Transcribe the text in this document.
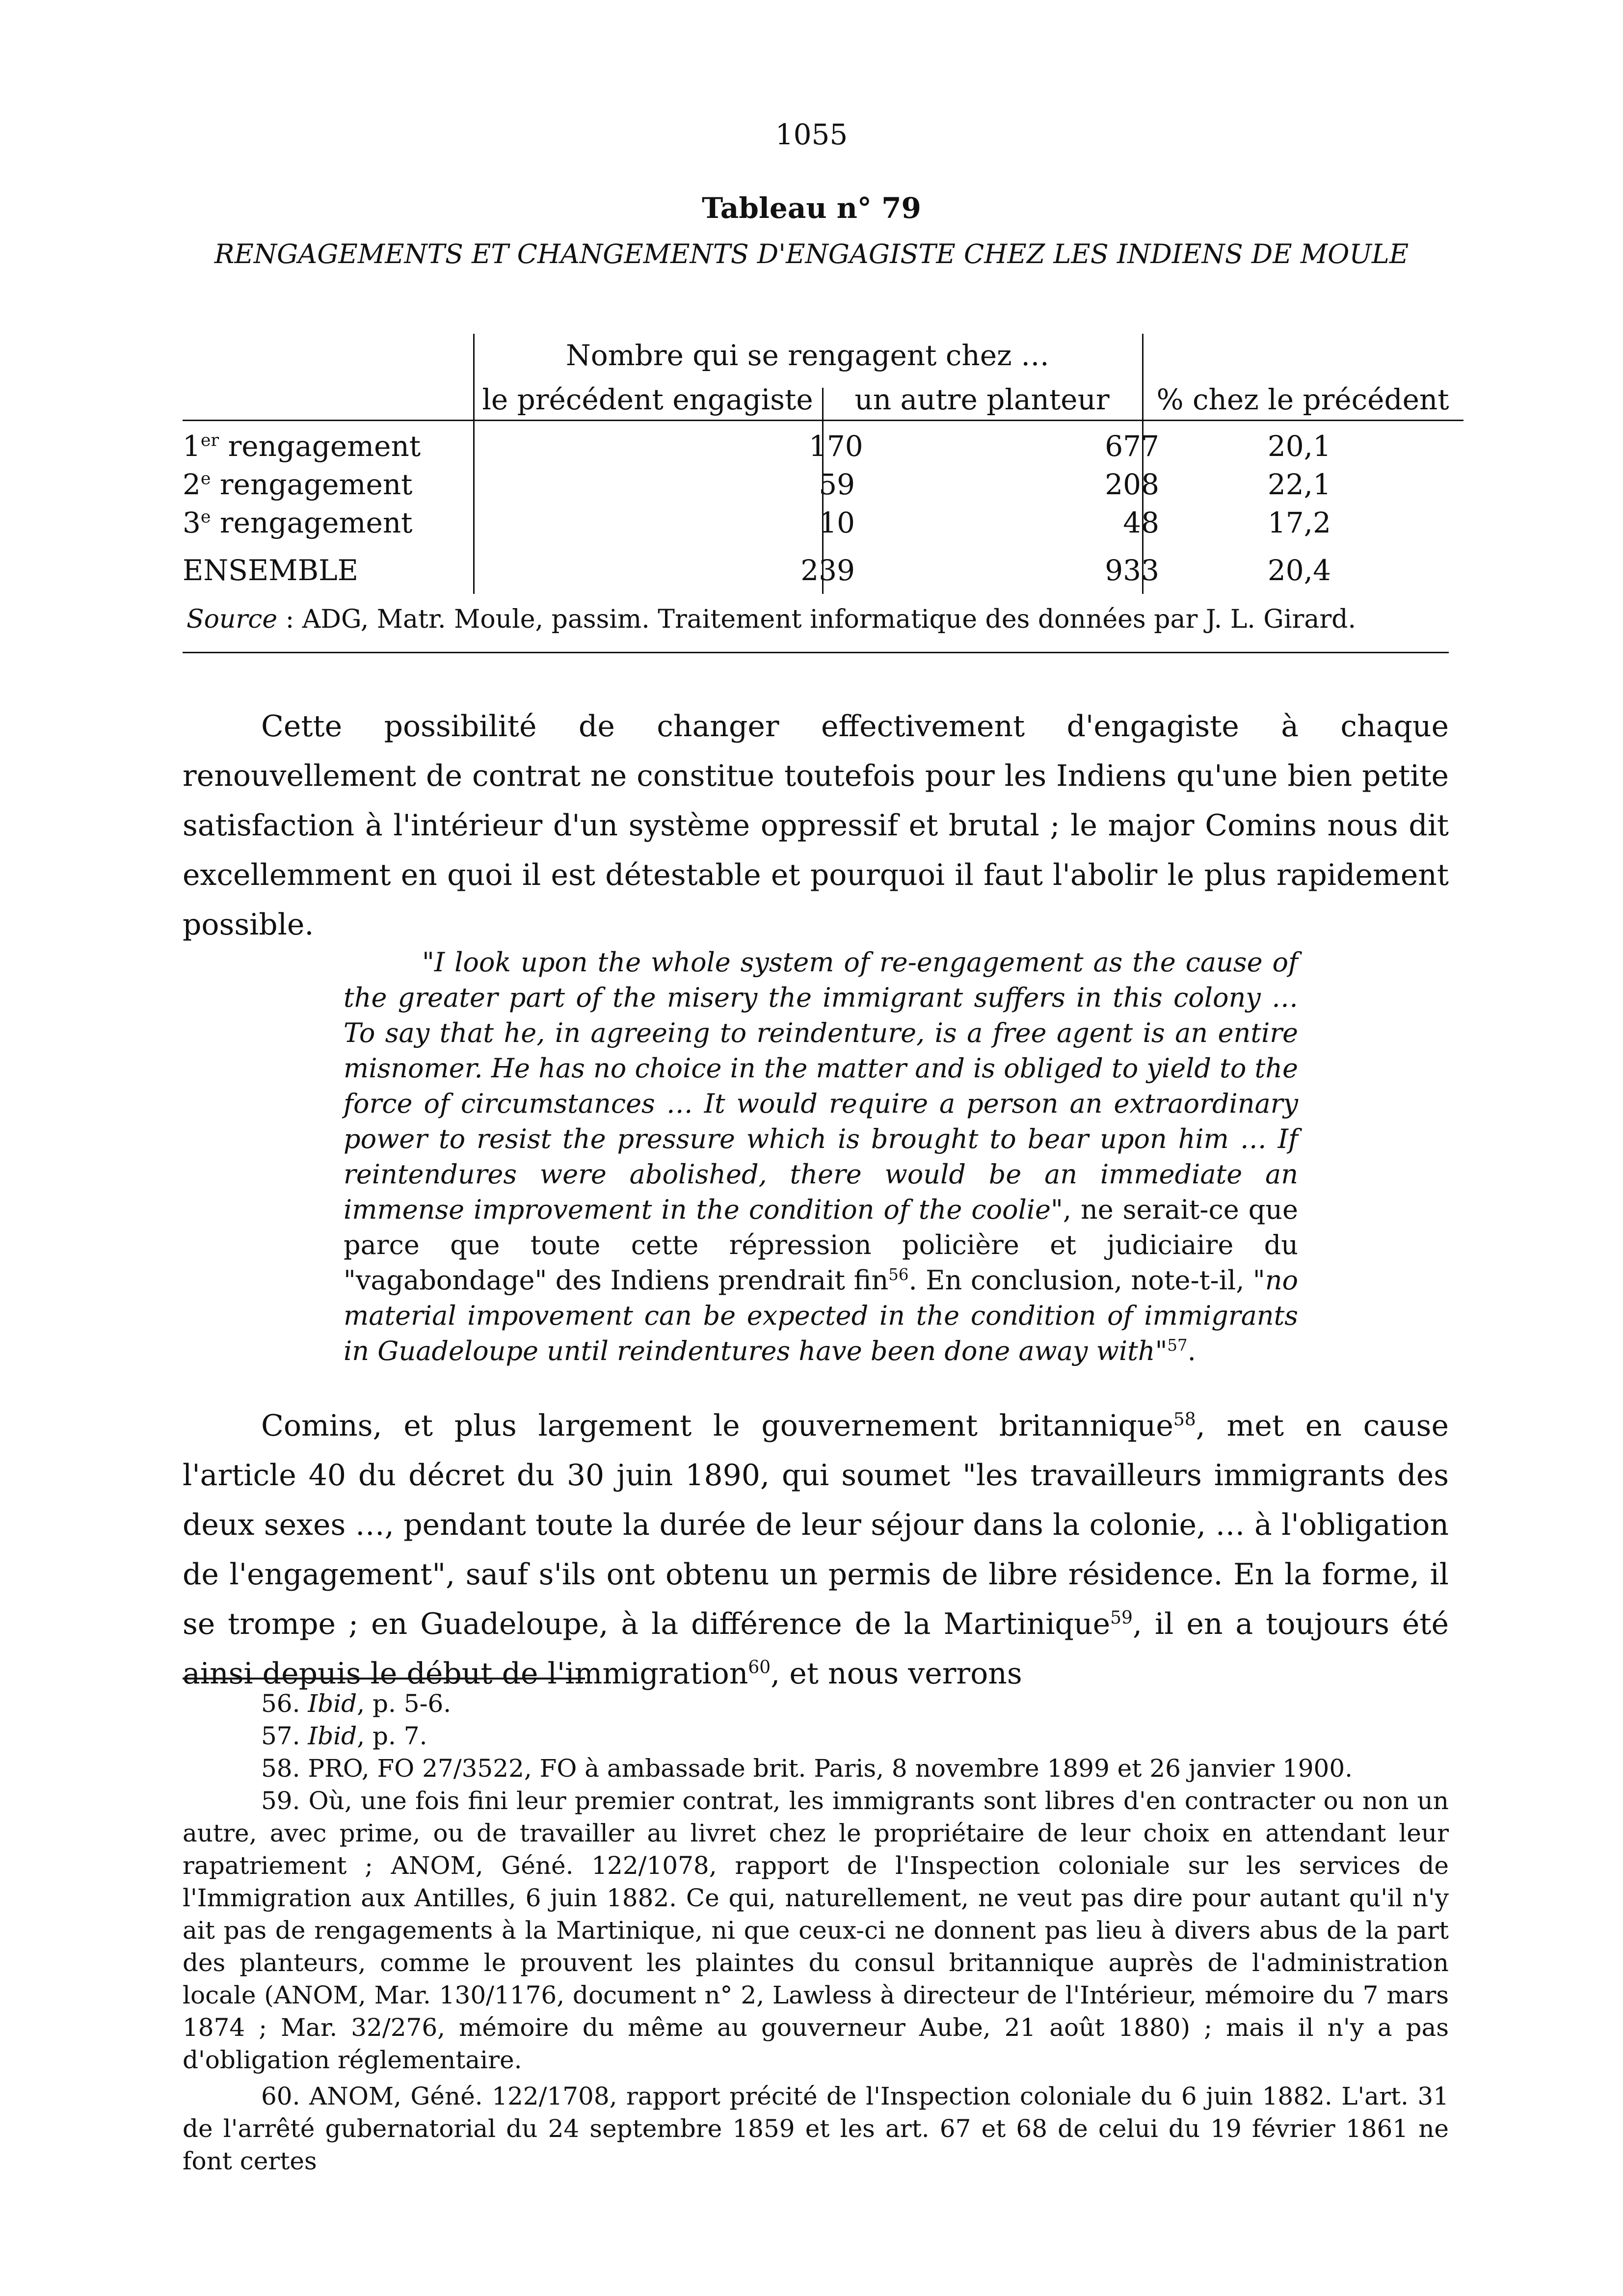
1055
Tableau n° 79
RENGAGEMENTS ET CHANGEMENTS D'ENGAGISTE CHEZ LES INDIENS DE MOULE
Nombre qui se rengagent chez …
le précédent engagiste	un autre planteur	% chez le précédent
1er rengagement	170	677	20,1
2e rengagement	59	208	22,1
3e rengagement	10	48	17,2
ENSEMBLE	239	933	20,4
Source : ADG, Matr. Moule, passim. Traitement informatique des données par J. L. Girard.
Cette possibilité de changer effectivement d'engagiste à chaque renouvellement de contrat ne constitue toutefois pour les Indiens qu'une bien petite satisfaction à l'intérieur d'un système oppressif et brutal ; le major Comins nous dit excellemment en quoi il est détestable et pourquoi il faut l'abolir le plus rapidement possible.
"I look upon the whole system of re-engagement as the cause of the greater part of the misery the immigrant suffers in this colony … To say that he, in agreeing to reindenture, is a free agent is an entire misnomer. He has no choice in the matter and is obliged to yield to the force of circumstances … It would require a person an extraordinary power to resist the pressure which is brought to bear upon him … If reintendures were abolished, there would be an immediate an immense improvement in the condition of the coolie", ne serait-ce que parce que toute cette répression policière et judiciaire du "vagabondage" des Indiens prendrait fin$^{56}$. En conclusion, note-t-il, "no material impovement can be expected in the condition of immigrants in Guadeloupe until reindentures have been done away with"$^{57}$.
Comins, et plus largement le gouvernement britannique$^{58}$, met en cause l'article 40 du décret du 30 juin 1890, qui soumet "les travailleurs immigrants des deux sexes …, pendant toute la durée de leur séjour dans la colonie, … à l'obligation de l'engagement", sauf s'ils ont obtenu un permis de libre résidence. En la forme, il se trompe ; en Guadeloupe, à la différence de la Martinique$^{59}$, il en a toujours été ainsi depuis le début de l'immigration$^{60}$, et nous verrons

56. Ibid, p. 5-6.

57. Ibid, p. 7.

58. PRO, FO 27/3522, FO à ambassade brit. Paris, 8 novembre 1899 et 26 janvier 1900.

59. Où, une fois fini leur premier contrat, les immigrants sont libres d'en contracter ou non un autre, avec prime, ou de travailler au livret chez le propriétaire de leur choix en attendant leur rapatriement ; ANOM, Géné. 122/1078, rapport de l'Inspection coloniale sur les services de l'Immigration aux Antilles, 6 juin 1882. Ce qui, naturellement, ne veut pas dire pour autant qu'il n'y ait pas de rengagements à la Martinique, ni que ceux-ci ne donnent pas lieu à divers abus de la part des planteurs, comme le prouvent les plaintes du consul britannique auprès de l'administration locale (ANOM, Mar. 130/1176, document n° 2, Lawless à directeur de l'Intérieur, mémoire du 7 mars 1874 ; Mar. 32/276, mémoire du même au gouverneur Aube, 21 août 1880) ; mais il n'y a pas d'obligation réglementaire.

60. ANOM, Géné. 122/1708, rapport précité de l'Inspection coloniale du 6 juin 1882. L'art. 31 de l'arrêté gubernatorial du 24 septembre 1859 et les art. 67 et 68 de celui du 19 février 1861 ne font certes
